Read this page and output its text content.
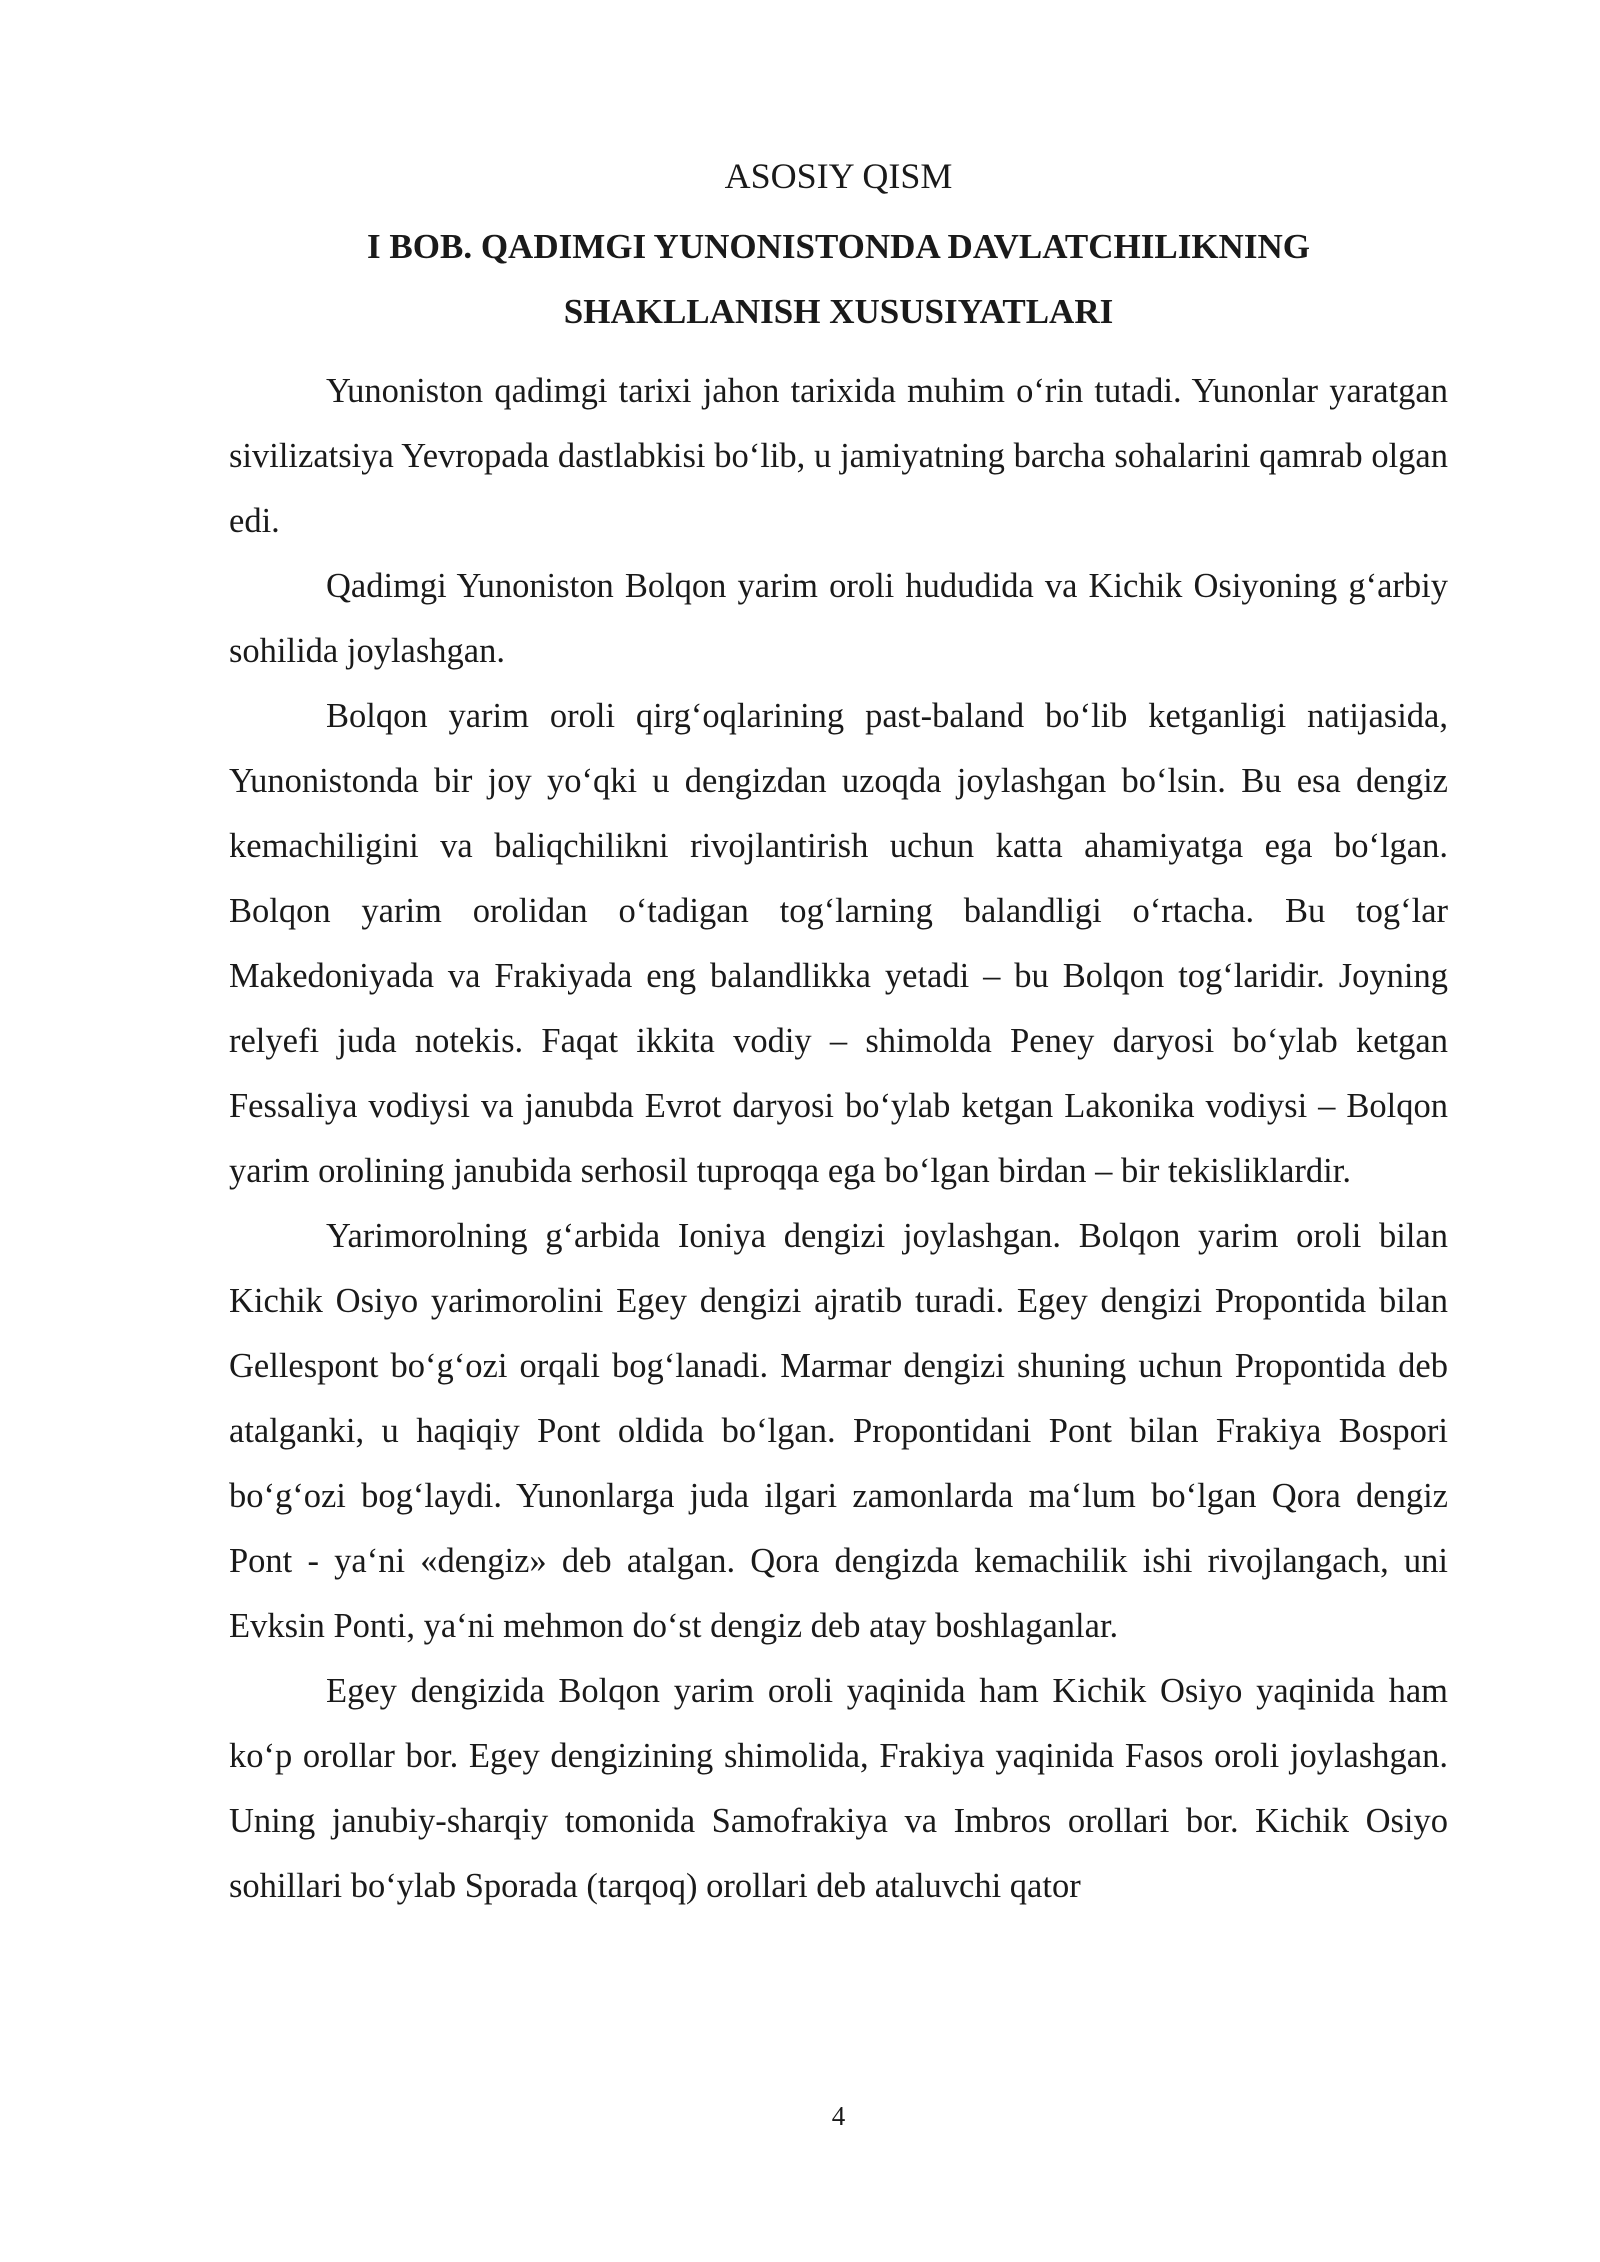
ASOSIY QISM
I BOB. QADIMGI YUNONISTONDA DAVLATCHILIKNING
SHAKLLANISH XUSUSIYATLARI

Yunoniston qadimgi tarixi jahon tarixida muhim o‘rin tutadi. Yunonlar yaratgan sivilizatsiya Yevropada dastlabkisi bo‘lib, u jamiyatning barcha sohalarini qamrab olgan edi.

Qadimgi Yunoniston Bolqon yarim oroli hududida va Kichik Osiyoning g‘arbiy sohilida joylashgan.

Bolqon yarim oroli qirg‘oqlarining past-baland bo‘lib ketganligi natijasida, Yunonistonda bir joy yo‘qki u dengizdan uzoqda joylashgan bo‘lsin. Bu esa dengiz kemachiligini va baliqchilikni rivojlantirish uchun katta ahamiyatga ega bo‘lgan. Bolqon yarim orolidan o‘tadigan tog‘larning balandligi o‘rtacha. Bu tog‘lar Makedoniyada va Frakiyada eng balandlikka yetadi – bu Bolqon tog‘laridir. Joyning relyefi juda notekis. Faqat ikkita vodiy – shimolda Peney daryosi bo‘ylab ketgan Fessaliya vodiysi va janubda Evrot daryosi bo‘ylab ketgan Lakonika vodiysi – Bolqon yarim orolining janubida serhosil tuproqqa ega bo‘lgan birdan – bir tekisliklardir.

Yarimorolning g‘arbida Ioniya dengizi joylashgan. Bolqon yarim oroli bilan Kichik Osiyo yarimorolini Egey dengizi ajratib turadi. Egey dengizi Propontida bilan Gellespont bo‘g‘ozi orqali bog‘lanadi. Marmar dengizi shuning uchun Propontida deb atalganki, u haqiqiy Pont oldida bo‘lgan. Propontidani Pont bilan Frakiya Bospori bo‘g‘ozi bog‘laydi. Yunonlarga juda ilgari zamonlarda ma‘lum bo‘lgan Qora dengiz Pont - ya‘ni «dengiz» deb atalgan. Qora dengizda kemachilik ishi rivojlangach, uni Evksin Ponti, ya‘ni mehmon do‘st dengiz deb atay boshlaganlar.

Egey dengizida Bolqon yarim oroli yaqinida ham Kichik Osiyo yaqinida ham ko‘p orollar bor. Egey dengizining shimolida, Frakiya yaqinida Fasos oroli joylashgan. Uning janubiy-sharqiy tomonida Samofrakiya va Imbros orollari bor. Kichik Osiyo sohillari bo‘ylab Sporada (tarqoq) orollari deb ataluvchi qator

4
